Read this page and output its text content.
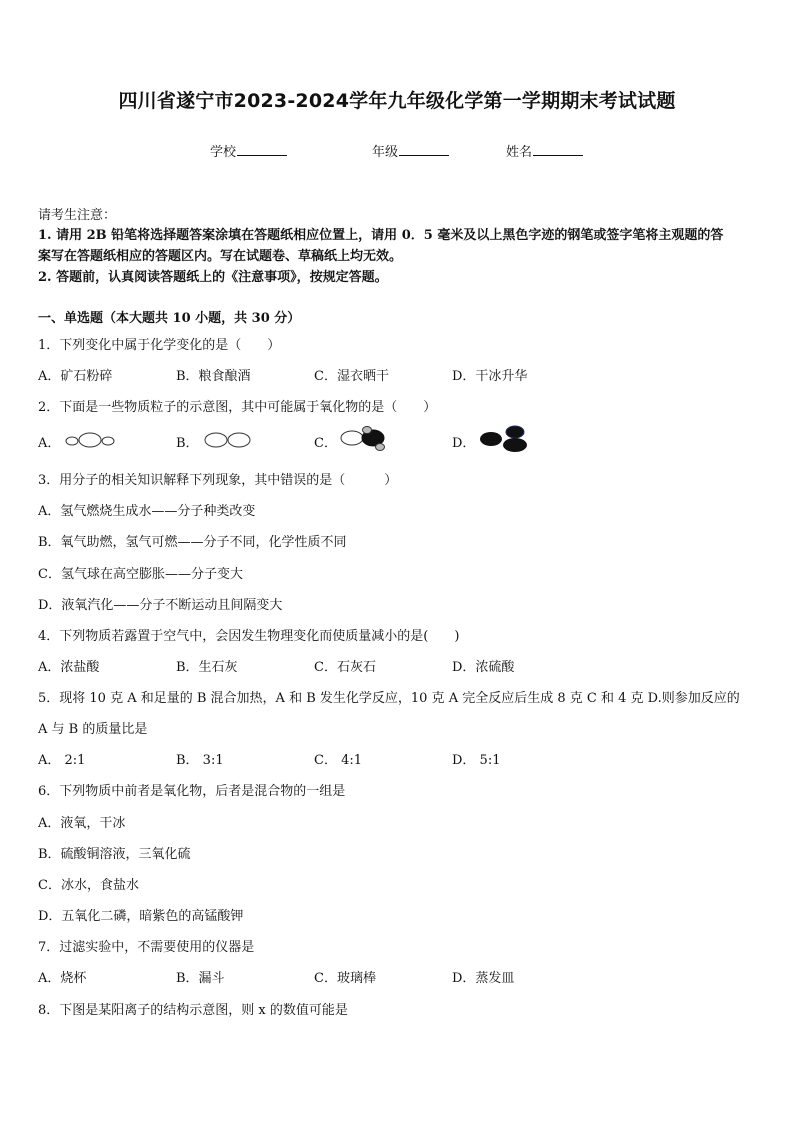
四川省遂宁市2023-2024学年九年级化学第一学期期末考试试题
学校	年级	姓名
请考生注意：
1. 请用 2B 铅笔将选择题答案涂填在答题纸相应位置上，请用 0．5 毫米及以上黑色字迹的钢笔或签字笔将主观题的答
案写在答题纸相应的答题区内。写在试题卷、草稿纸上均无效。
2. 答题前，认真阅读答题纸上的《注意事项》，按规定答题。
一、单选题（本大题共 10 小题，共 30 分）
1．下列变化中属于化学变化的是（　　）
A．矿石粉碎	B．粮食酿酒	C．湿衣晒干	D．干冰升华
2．下面是一些物质粒子的示意图，其中可能属于氧化物的是（　　）
A．	B．	C．	D．
3．用分子的相关知识解释下列现象，其中错误的是（　　　）
A．氢气燃烧生成水——分子种类改变
B．氧气助燃，氢气可燃——分子不同，化学性质不同
C．氢气球在高空膨胀——分子变大
D．液氧汽化——分子不断运动且间隔变大
4．下列物质若露置于空气中，会因发生物理变化而使质量减小的是(　　)
A．浓盐酸	B．生石灰	C．石灰石	D．浓硫酸
5．现将 10 克 A 和足量的 B 混合加热，A 和 B 发生化学反应，10 克 A 完全反应后生成 8 克 C 和 4 克 D.则参加反应的
A 与 B 的质量比是
A． 2:1	B． 3:1	C． 4:1	D． 5:1
6．下列物质中前者是氧化物，后者是混合物的一组是
A．液氧，干冰
B．硫酸铜溶液，三氧化硫
C．冰水，食盐水
D．五氧化二磷，暗紫色的高锰酸钾
7．过滤实验中，不需要使用的仪器是
A．烧杯	B．漏斗	C．玻璃棒	D．蒸发皿
8．下图是某阳离子的结构示意图，则 x 的数值可能是
